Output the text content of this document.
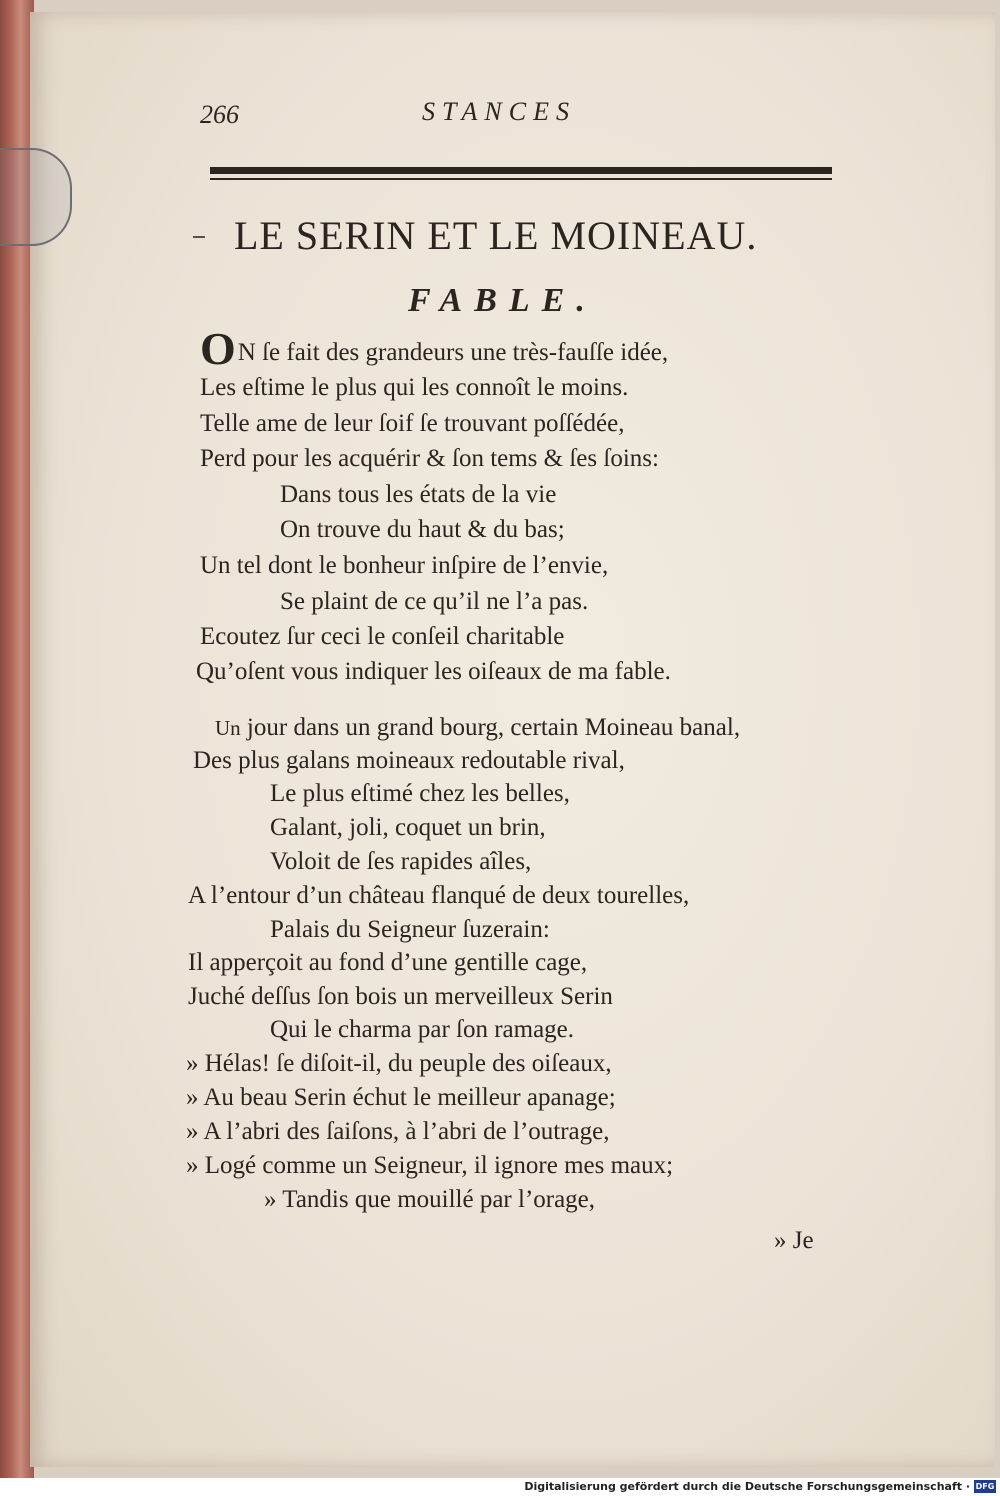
266	STANCES
LE SERIN ET LE MOINEAU.
FABLE.
ON ſe fait des grandeurs une très-fauſſe idée,
Les eſtime le plus qui les connoît le moins.
Telle ame de leur ſoif ſe trouvant poſſédée,
Perd pour les acquérir & ſon tems & ſes ſoins:
Dans tous les états de la vie
On trouve du haut & du bas;
Un tel dont le bonheur inſpire de l’envie,
Se plaint de ce qu’il ne l’a pas.
Ecoutez ſur ceci le conſeil charitable
Qu’oſent vous indiquer les oiſeaux de ma fable.
Un jour dans un grand bourg, certain Moineau banal,
Des plus galans moineaux redoutable rival,
Le plus eſtimé chez les belles,
Galant, joli, coquet un brin,
Voloit de ſes rapides aîles,
A l’entour d’un château flanqué de deux tourelles,
Palais du Seigneur ſuzerain:
Il apperçoit au fond d’une gentille cage,
Juché deſſus ſon bois un merveilleux Serin
Qui le charma par ſon ramage.
» Hélas! ſe diſoit-il, du peuple des oiſeaux,
» Au beau Serin échut le meilleur apanage;
» A l’abri des ſaiſons, à l’abri de l’outrage,
» Logé comme un Seigneur, il ignore mes maux;
» Tandis que mouillé par l’orage,
» Je
Digitalisierung gefördert durch die Deutsche Forschungsgemeinschaft · DFG
